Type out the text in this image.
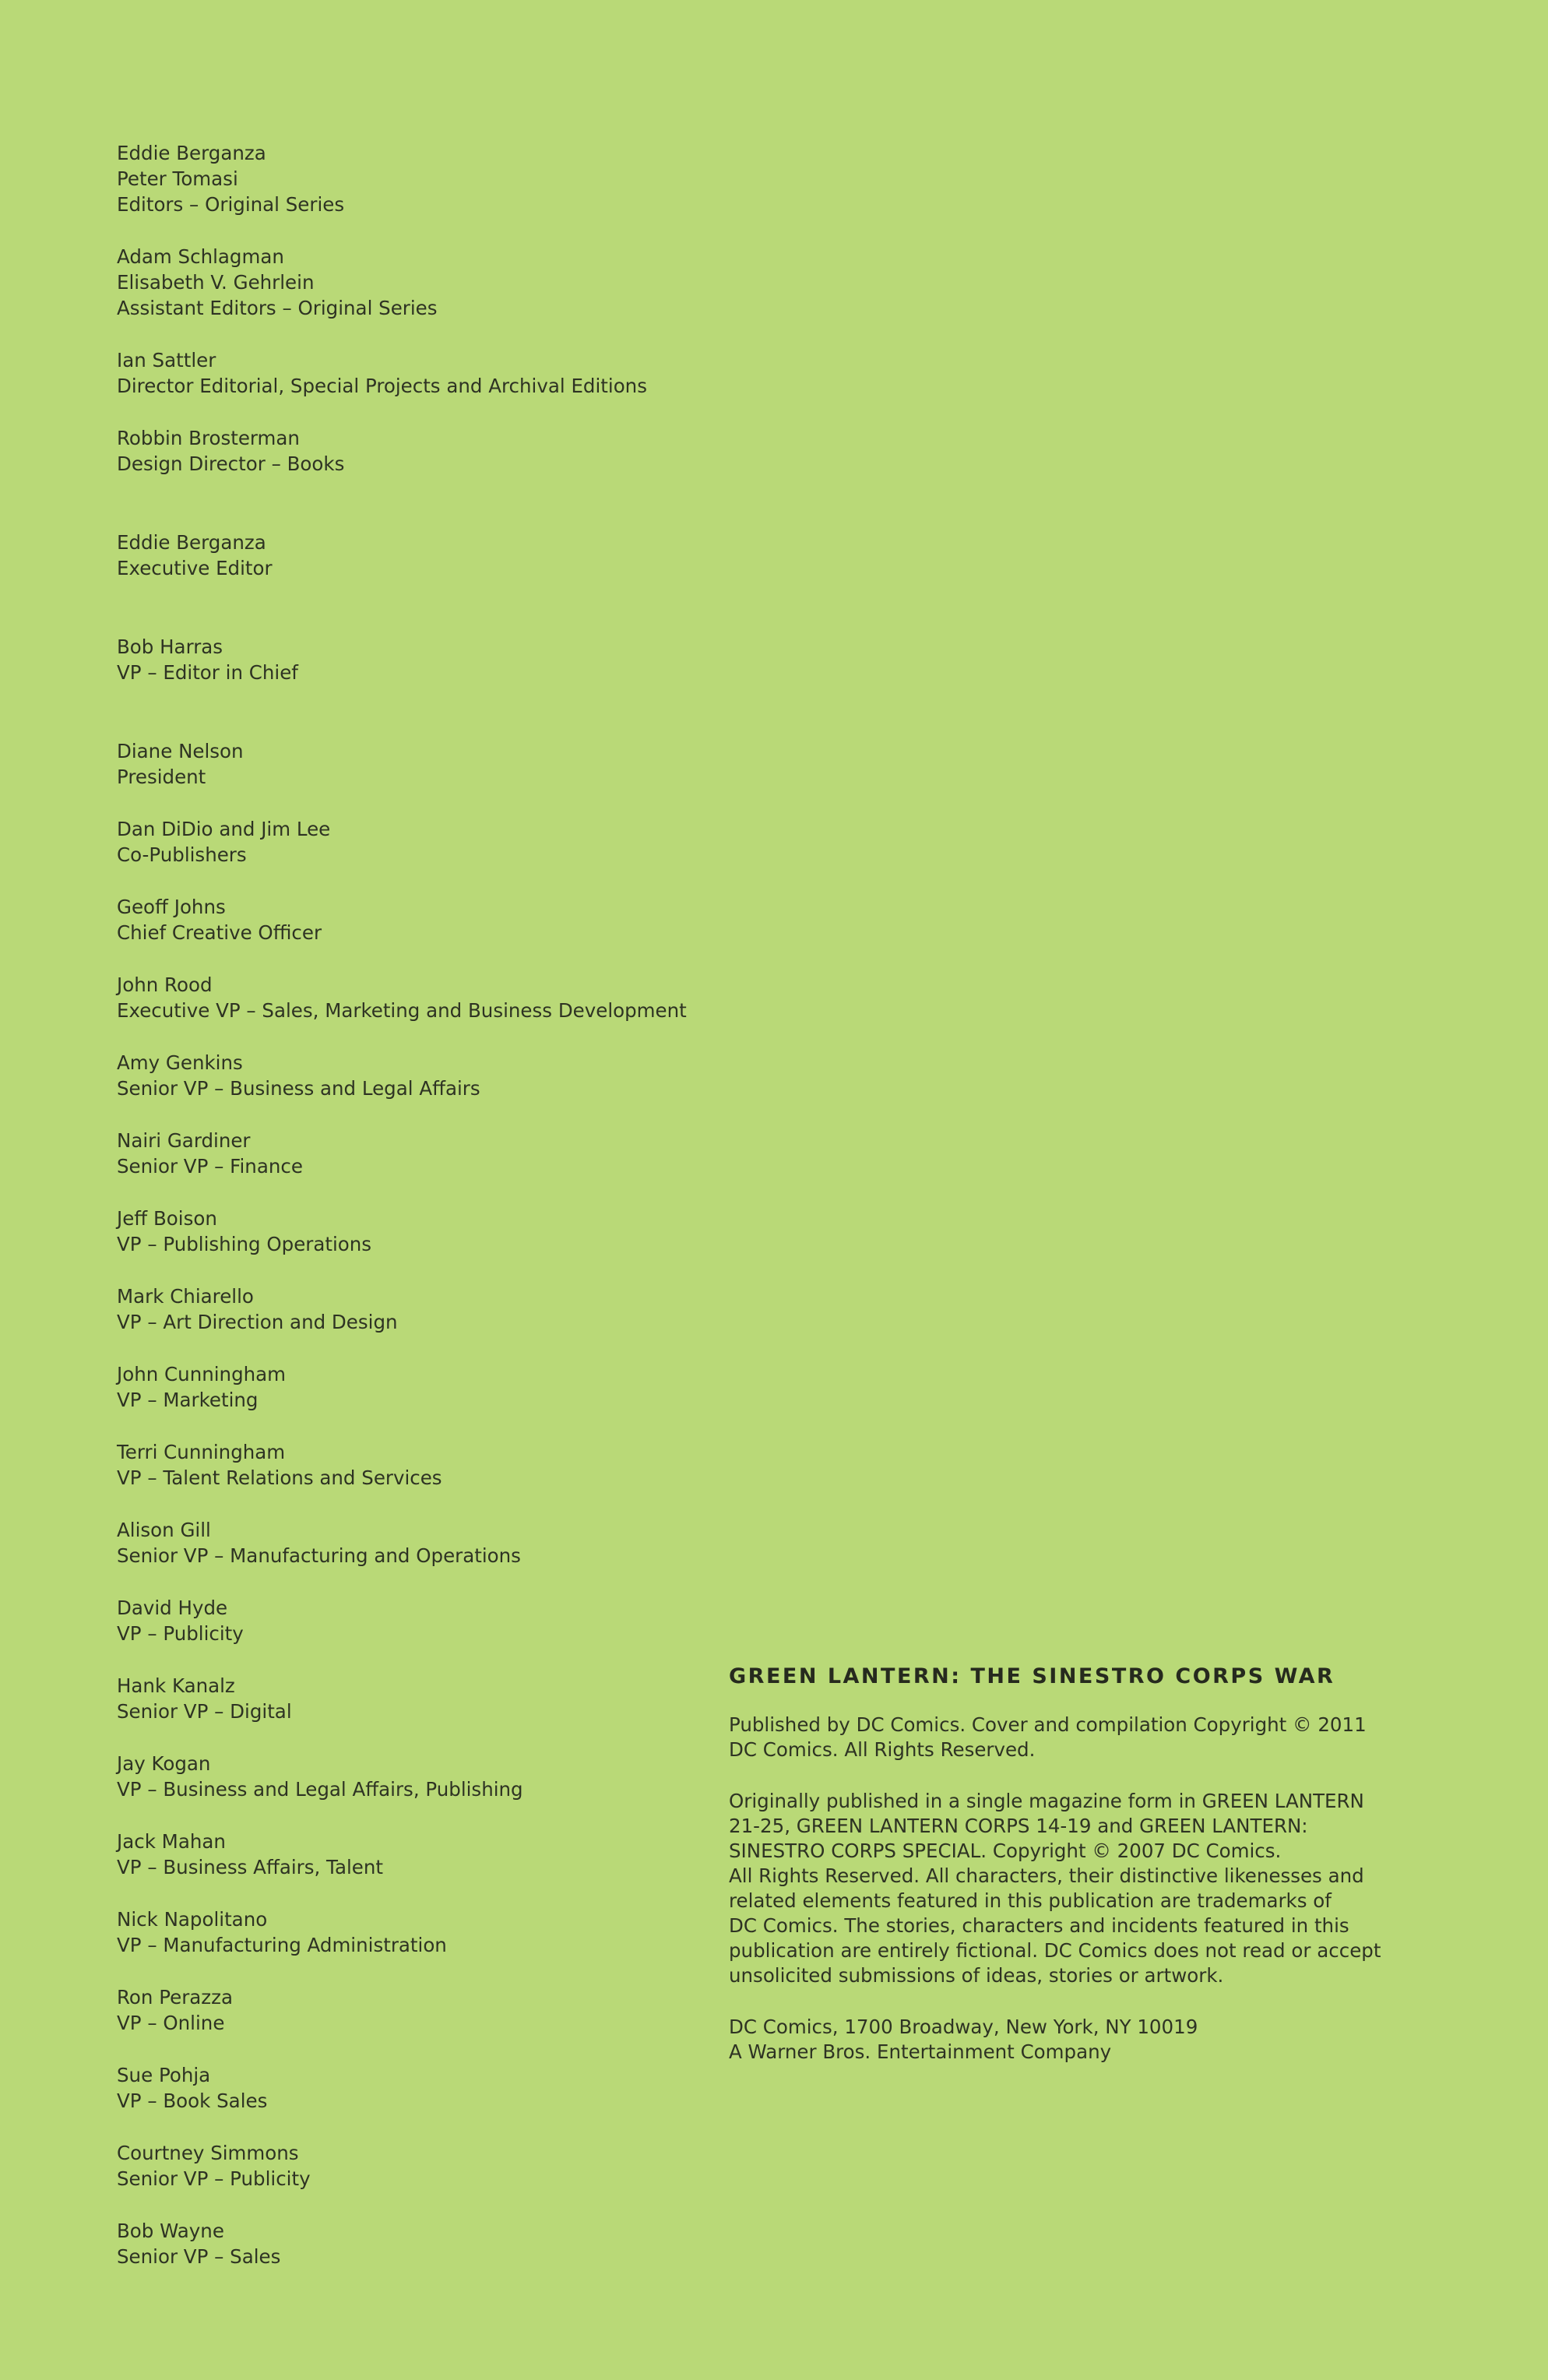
Eddie Berganza
Peter Tomasi
Editors – Original Series
Adam Schlagman
Elisabeth V. Gehrlein
Assistant Editors – Original Series
Ian Sattler
Director Editorial, Special Projects and Archival Editions
Robbin Brosterman
Design Director – Books
Eddie Berganza
Executive Editor
Bob Harras
VP – Editor in Chief
Diane Nelson
President
Dan DiDio and Jim Lee
Co-Publishers
Geoff Johns
Chief Creative Officer
John Rood
Executive VP – Sales, Marketing and Business Development
Amy Genkins
Senior VP – Business and Legal Affairs
Nairi Gardiner
Senior VP – Finance
Jeff Boison
VP – Publishing Operations
Mark Chiarello
VP – Art Direction and Design
John Cunningham
VP – Marketing
Terri Cunningham
VP – Talent Relations and Services
Alison Gill
Senior VP – Manufacturing and Operations
David Hyde
VP – Publicity
Hank Kanalz
Senior VP – Digital
Jay Kogan
VP – Business and Legal Affairs, Publishing
Jack Mahan
VP – Business Affairs, Talent
Nick Napolitano
VP – Manufacturing Administration
Ron Perazza
VP – Online
Sue Pohja
VP – Book Sales
Courtney Simmons
Senior VP – Publicity
Bob Wayne
Senior VP – Sales
GREEN LANTERN: THE SINESTRO CORPS WAR
Published by DC Comics. Cover and compilation Copyright © 2011
DC Comics. All Rights Reserved.
Originally published in a single magazine form in GREEN LANTERN
21-25, GREEN LANTERN CORPS 14-19 and GREEN LANTERN:
SINESTRO CORPS SPECIAL. Copyright © 2007 DC Comics.
All Rights Reserved. All characters, their distinctive likenesses and
related elements featured in this publication are trademarks of
DC Comics. The stories, characters and incidents featured in this
publication are entirely fictional. DC Comics does not read or accept
unsolicited submissions of ideas, stories or artwork.
DC Comics, 1700 Broadway, New York, NY 10019
A Warner Bros. Entertainment Company
